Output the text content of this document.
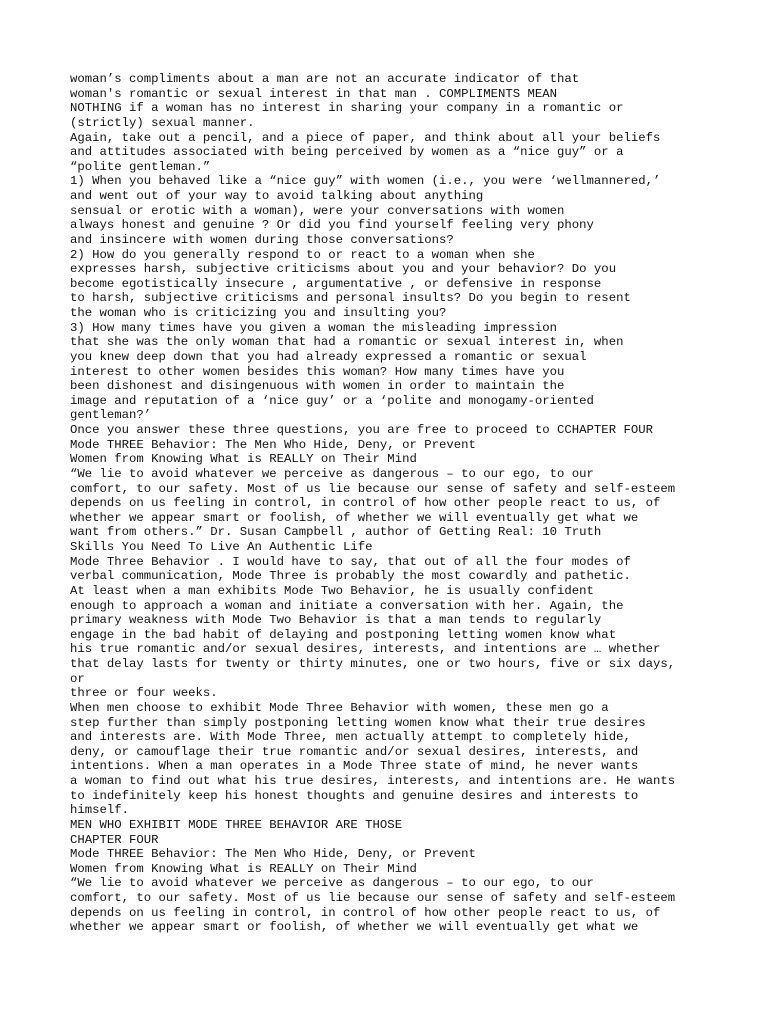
woman’s compliments about a man are not an accurate indicator of that
woman's romantic or sexual interest in that man . COMPLIMENTS MEAN
NOTHING if a woman has no interest in sharing your company in a romantic or
(strictly) sexual manner.
Again, take out a pencil, and a piece of paper, and think about all your beliefs
and attitudes associated with being perceived by women as a “nice guy” or a
“polite gentleman.”
1) When you behaved like a “nice guy” with women (i.e., you were ‘wellmannered,’
and went out of your way to avoid talking about anything
sensual or erotic with a woman), were your conversations with women
always honest and genuine ? Or did you find yourself feeling very phony
and insincere with women during those conversations?
2) How do you generally respond to or react to a woman when she
expresses harsh, subjective criticisms about you and your behavior? Do you
become egotistically insecure , argumentative , or defensive in response
to harsh, subjective criticisms and personal insults? Do you begin to resent
the woman who is criticizing you and insulting you?
3) How many times have you given a woman the misleading impression
that she was the only woman that had a romantic or sexual interest in, when
you knew deep down that you had already expressed a romantic or sexual
interest to other women besides this woman? How many times have you
been dishonest and disingenuous with women in order to maintain the
image and reputation of a ‘nice guy’ or a ‘polite and monogamy-oriented
gentleman?’
Once you answer these three questions, you are free to proceed to CCHAPTER FOUR
Mode THREE Behavior: The Men Who Hide, Deny, or Prevent
Women from Knowing What is REALLY on Their Mind
“We lie to avoid whatever we perceive as dangerous – to our ego, to our
comfort, to our safety. Most of us lie because our sense of safety and self-esteem
depends on us feeling in control, in control of how other people react to us, of
whether we appear smart or foolish, of whether we will eventually get what we
want from others.” Dr. Susan Campbell , author of Getting Real: 10 Truth
Skills You Need To Live An Authentic Life
Mode Three Behavior . I would have to say, that out of all the four modes of
verbal communication, Mode Three is probably the most cowardly and pathetic.
At least when a man exhibits Mode Two Behavior, he is usually confident
enough to approach a woman and initiate a conversation with her. Again, the
primary weakness with Mode Two Behavior is that a man tends to regularly
engage in the bad habit of delaying and postponing letting women know what
his true romantic and/or sexual desires, interests, and intentions are … whether
that delay lasts for twenty or thirty minutes, one or two hours, five or six days,
or
three or four weeks.
When men choose to exhibit Mode Three Behavior with women, these men go a
step further than simply postponing letting women know what their true desires
and interests are. With Mode Three, men actually attempt to completely hide,
deny, or camouflage their true romantic and/or sexual desires, interests, and
intentions. When a man operates in a Mode Three state of mind, he never wants
a woman to find out what his true desires, interests, and intentions are. He wants
to indefinitely keep his honest thoughts and genuine desires and interests to
himself.
MEN WHO EXHIBIT MODE THREE BEHAVIOR ARE THOSE
CHAPTER FOUR
Mode THREE Behavior: The Men Who Hide, Deny, or Prevent
Women from Knowing What is REALLY on Their Mind
“We lie to avoid whatever we perceive as dangerous – to our ego, to our
comfort, to our safety. Most of us lie because our sense of safety and self-esteem
depends on us feeling in control, in control of how other people react to us, of
whether we appear smart or foolish, of whether we will eventually get what we
